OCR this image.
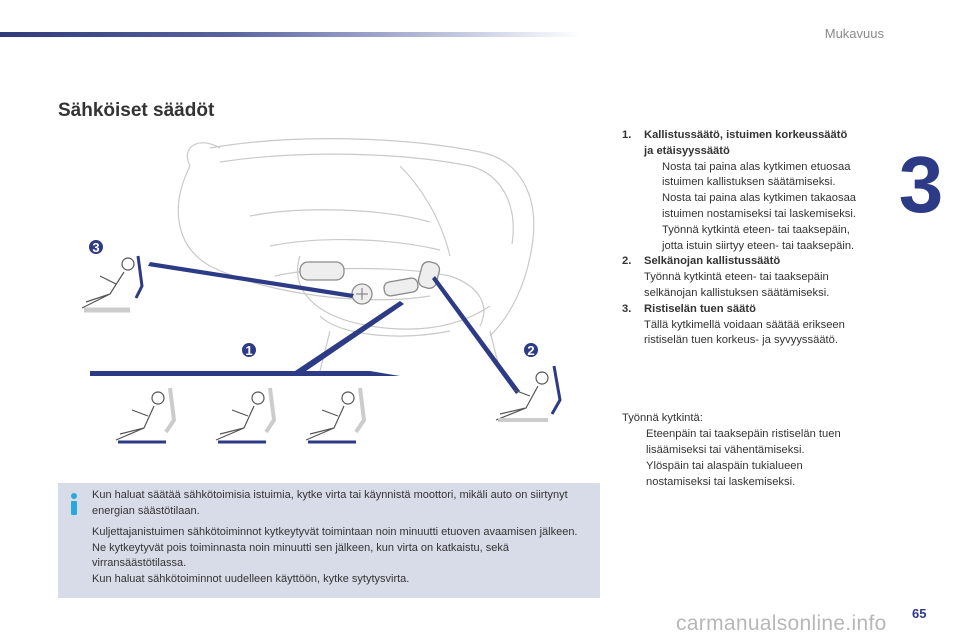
Mukavuus
3
Sähköiset säädöt
3
1	2
1. Kallistussäätö, istuimen korkeussäätö
ja etäisyyssäätö
Nosta tai paina alas kytkimen etuosaa
istuimen kallistuksen säätämiseksi.
Nosta tai paina alas kytkimen takaosaa
istuimen nostamiseksi tai laskemiseksi.
Työnnä kytkintä eteen- tai taaksepäin,
jotta istuin siirtyy eteen- tai taaksepäin.
2. Selkänojan kallistussäätö
Työnnä kytkintä eteen- tai taaksepäin
selkänojan kallistuksen säätämiseksi.
3. Ristiselän tuen säätö
Tällä kytkimellä voidaan säätää erikseen
ristiselän tuen korkeus- ja syvyyssäätö.
Työnnä kytkintä:
Eteenpäin tai taaksepäin ristiselän tuen
lisäämiseksi tai vähentämiseksi.
Ylöspäin tai alaspäin tukialueen
nostamiseksi tai laskemiseksi.

Kun haluat säätää sähkötoimisia istuimia, kytke virta tai käynnistä moottori, mikäli auto on siirtynyt energian säästötilaan.

Kuljettajanistuimen sähkötoiminnot kytkeytyvät toimintaan noin minuutti etuoven avaamisen jälkeen. Ne kytkeytyvät pois toiminnasta noin minuutti sen jälkeen, kun virta on katkaistu, sekä virransäästötilassa.
Kun haluat sähkötoiminnot uudelleen käyttöön, kytke sytytysvirta.

65
carmanualsonline.info
